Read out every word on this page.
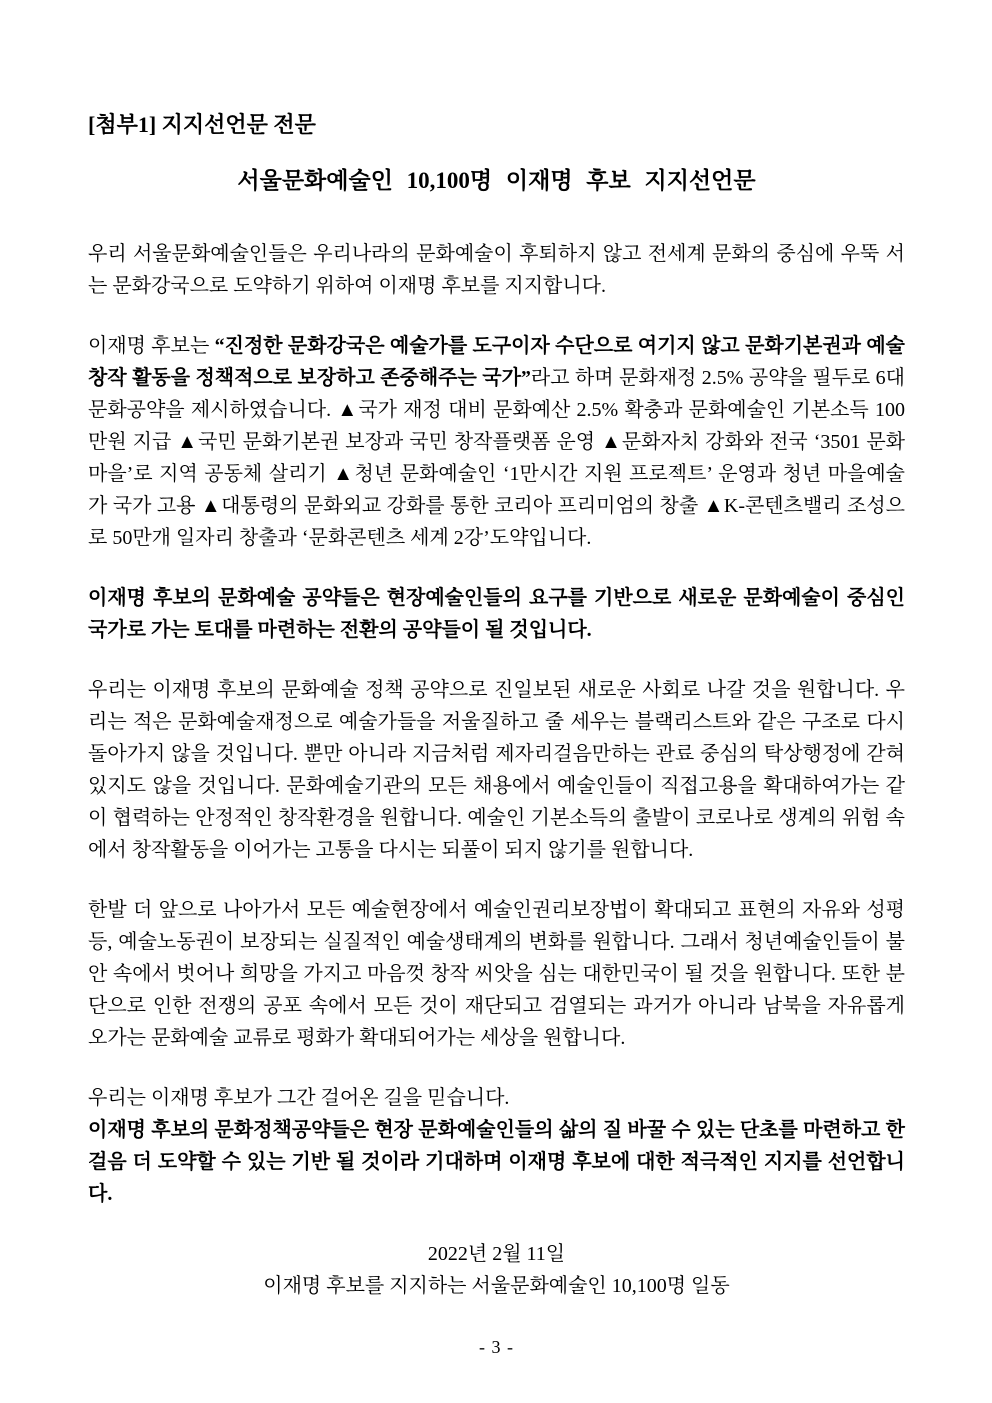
[첨부1] 지지선언문 전문
서울문화예술인 10,100명 이재명 후보 지지선언문

우리 서울문화예술인들은 우리나라의 문화예술이 후퇴하지 않고 전세계 문화의 중심에 우뚝 서는 문화강국으로 도약하기 위하여 이재명 후보를 지지합니다.

이재명 후보는 “진정한 문화강국은 예술가를 도구이자 수단으로 여기지 않고 문화기본권과 예술 창작 활동을 정책적으로 보장하고 존중해주는 국가”라고 하며 문화재정 2.5% 공약을 필두로 6대 문화공약을 제시하였습니다. ▲국가 재정 대비 문화예산 2.5% 확충과 문화예술인 기본소득 100만원 지급 ▲국민 문화기본권 보장과 국민 창작플랫폼 운영 ▲문화자치 강화와 전국 ‘3501 문화마을’로 지역 공동체 살리기 ▲청년 문화예술인 ‘1만시간 지원 프로젝트’ 운영과 청년 마을예술가 국가 고용 ▲대통령의 문화외교 강화를 통한 코리아 프리미엄의 창출 ▲K-콘텐츠밸리 조성으로 50만개 일자리 창출과 ‘문화콘텐츠 세계 2강’도약입니다.

이재명 후보의 문화예술 공약들은 현장예술인들의 요구를 기반으로 새로운 문화예술이 중심인 국가로 가는 토대를 마련하는 전환의 공약들이 될 것입니다.

우리는 이재명 후보의 문화예술 정책 공약으로 진일보된 새로운 사회로 나갈 것을 원합니다. 우리는 적은 문화예술재정으로 예술가들을 저울질하고 줄 세우는 블랙리스트와 같은 구조로 다시 돌아가지 않을 것입니다. 뿐만 아니라 지금처럼 제자리걸음만하는 관료 중심의 탁상행정에 갇혀 있지도 않을 것입니다. 문화예술기관의 모든 채용에서 예술인들이 직접고용을 확대하여가는 같이 협력하는 안정적인 창작환경을 원합니다. 예술인 기본소득의 출발이 코로나로 생계의 위험 속에서 창작활동을 이어가는 고통을 다시는 되풀이 되지 않기를 원합니다.

한발 더 앞으로 나아가서 모든 예술현장에서 예술인권리보장법이 확대되고 표현의 자유와 성평등, 예술노동권이 보장되는 실질적인 예술생태계의 변화를 원합니다. 그래서 청년예술인들이 불안 속에서 벗어나 희망을 가지고 마음껏 창작 씨앗을 심는 대한민국이 될 것을 원합니다. 또한 분단으로 인한 전쟁의 공포 속에서 모든 것이 재단되고 검열되는 과거가 아니라 남북을 자유롭게 오가는 문화예술 교류로 평화가 확대되어가는 세상을 원합니다.

우리는 이재명 후보가 그간 걸어온 길을 믿습니다.

이재명 후보의 문화정책공약들은 현장 문화예술인들의 삶의 질 바꿀 수 있는 단초를 마련하고 한 걸음 더 도약할 수 있는 기반 될 것이라 기대하며 이재명 후보에 대한 적극적인 지지를 선언합니다.

2022년 2월 11일
이재명 후보를 지지하는 서울문화예술인 10,100명 일동
- 3 -
